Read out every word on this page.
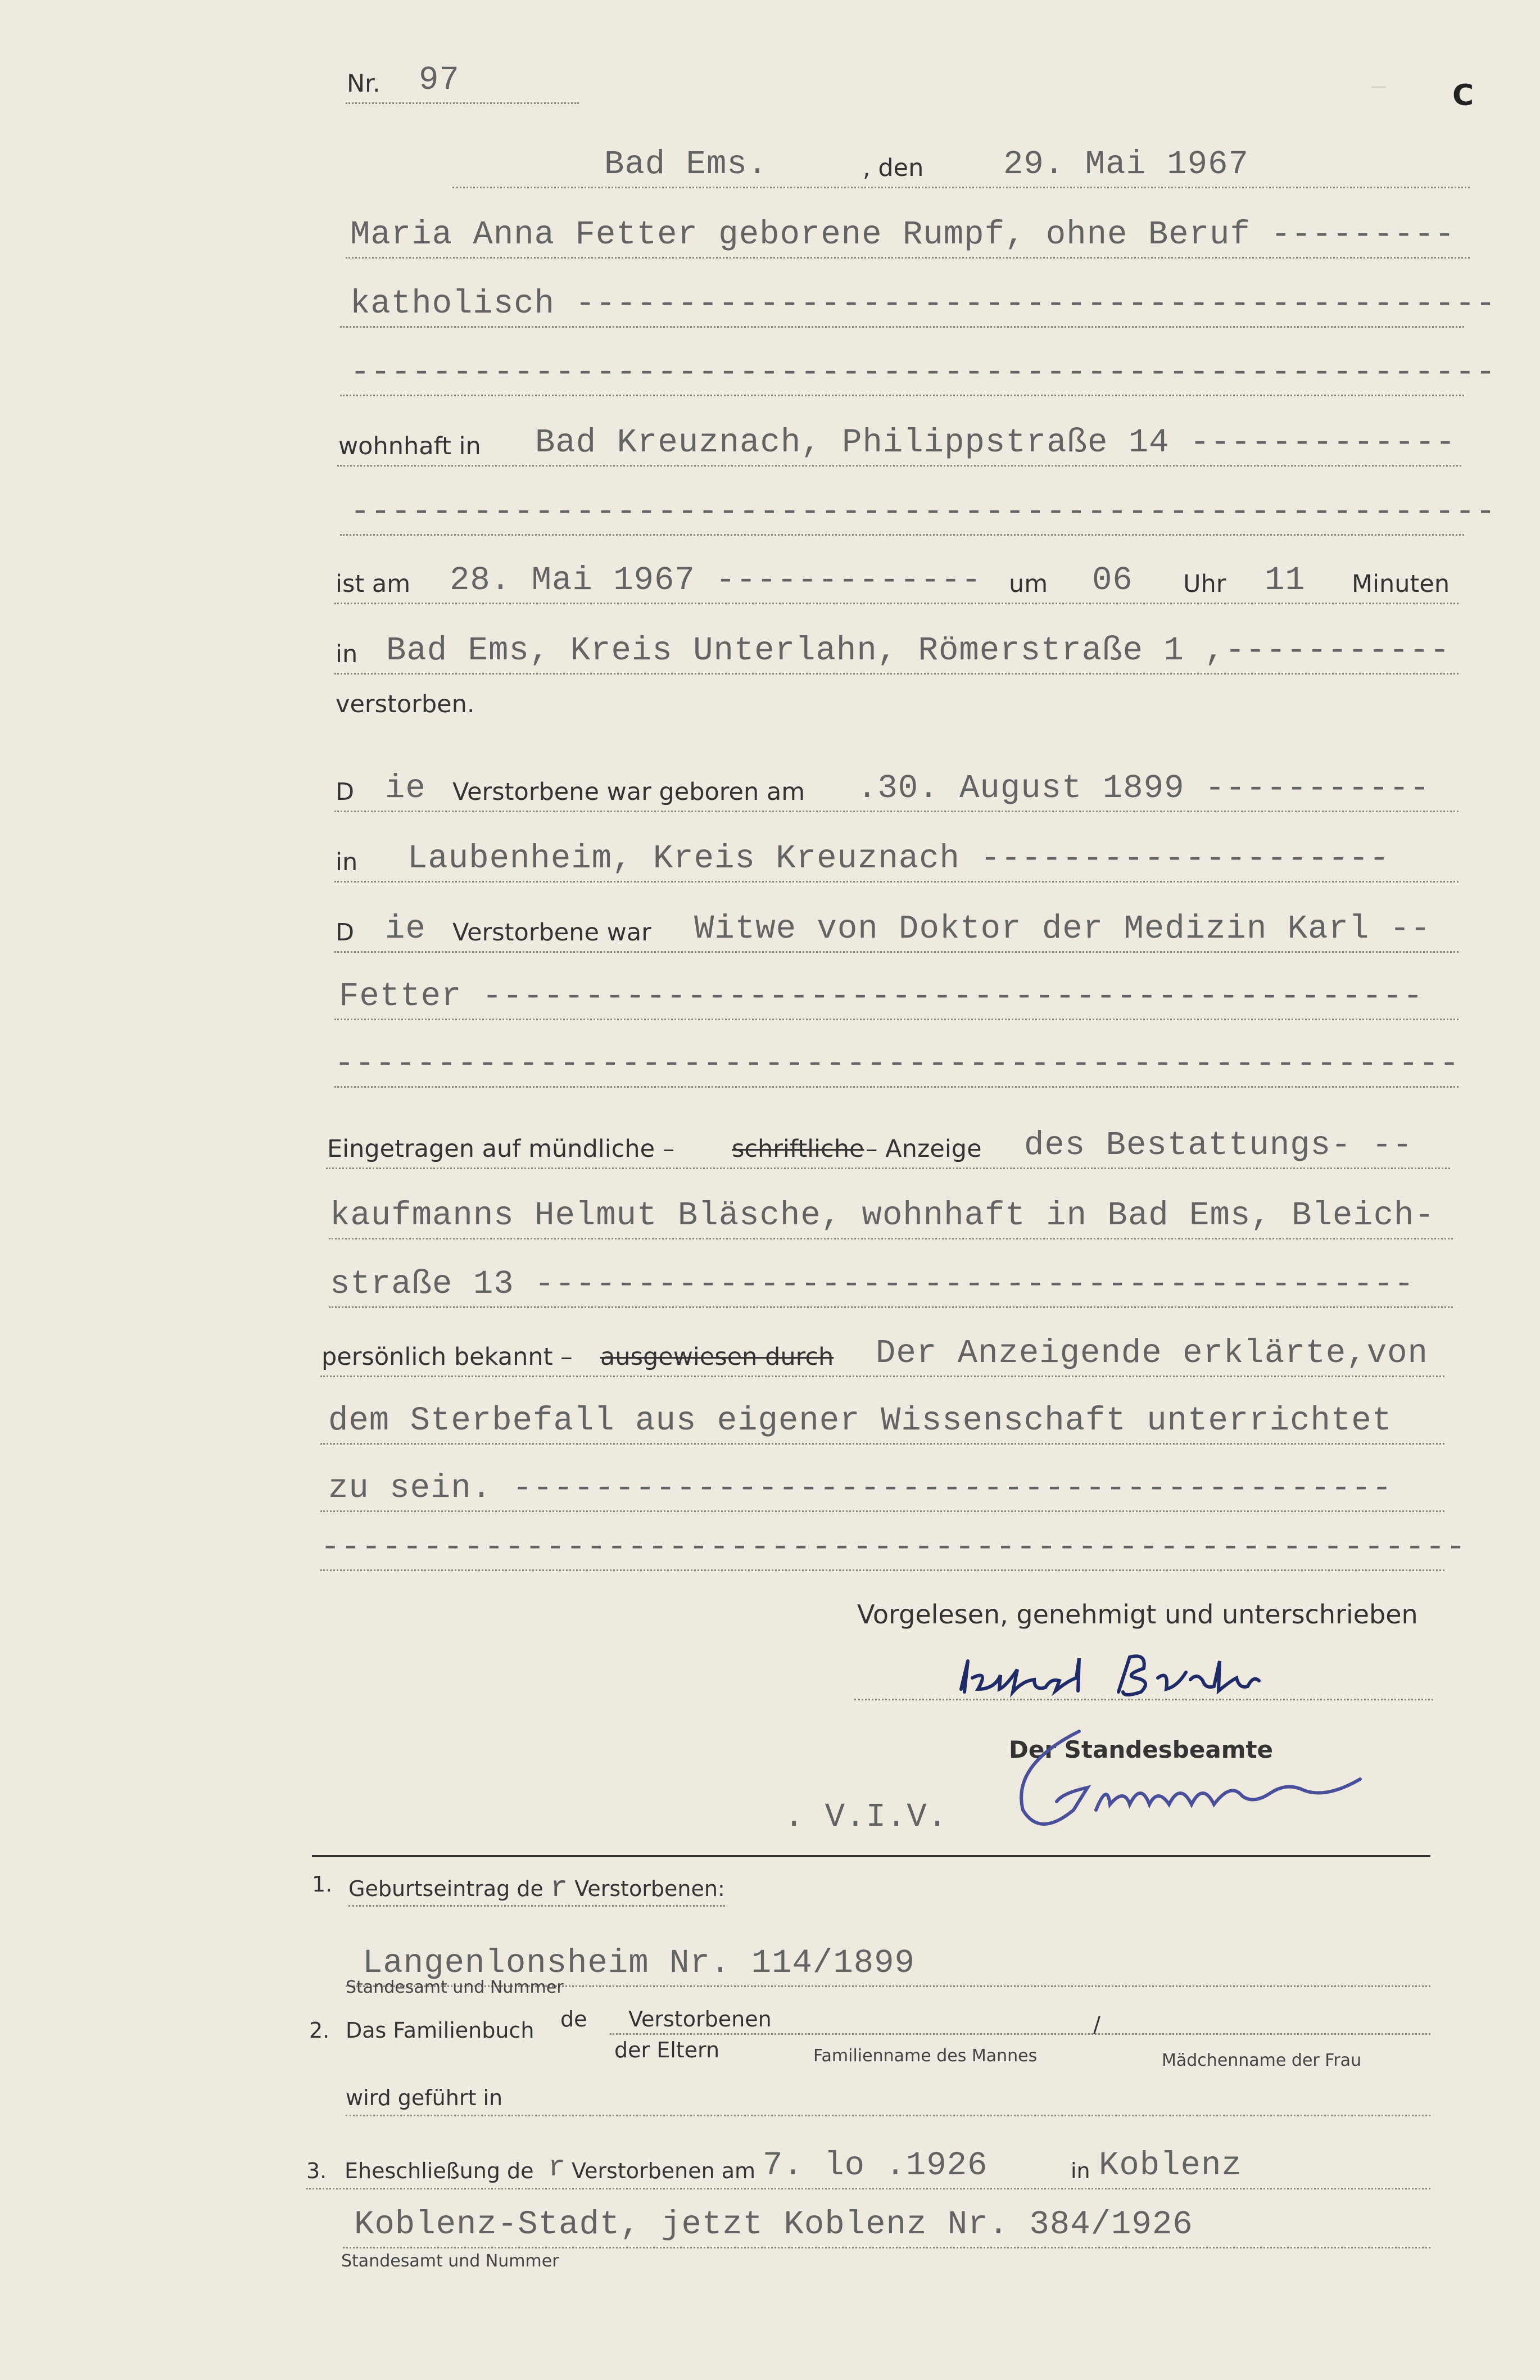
— C
Nr. 97
Bad Ems.	, den 29. Mai 1967
Maria Anna Fetter geborene Rumpf, ohne Beruf ---------
katholisch ---------------------------------------------
--------------------------------------------------------
wohnhaft in Bad Kreuznach, Philippstraße 14 -------------
--------------------------------------------------------
ist am 28. Mai 1967 ------------- um 06 Uhr 11 Minuten
in Bad Ems, Kreis Unterlahn, Römerstraße 1 ,-----------
verstorben.
D ie Verstorbene war geboren am .30. August 1899 -----------
in Laubenheim, Kreis Kreuznach --------------------
D ie Verstorbene war Witwe von Doktor der Medizin Karl --
Fetter ----------------------------------------------
-------------------------------------------------------
Eingetragen auf mündliche – schriftliche – Anzeige des Bestattungs- --
kaufmanns Helmut Bläsche, wohnhaft in Bad Ems, Bleich-
straße 13 -------------------------------------------
persönlich bekannt – ausgewiesen durch Der Anzeigende erklärte,von
dem Sterbefall aus eigener Wissenschaft unterrichtet
zu sein. -------------------------------------------
--------------------------------------------------------
Vorgelesen, genehmigt und unterschrieben
Der Standesbeamte
. V.I.V.
1. Geburtseintrag de r Verstorbenen:
Langenlonsheim Nr. 114/1899
Standesamt und Nummer
2. Das Familienbuch de Verstorbenen
der Eltern
/
Familienname des Mannes	Mädchenname der Frau
wird geführt in
3. Eheschließung de r Verstorbenen am 7. lo .1926	in Koblenz
Koblenz-Stadt, jetzt Koblenz Nr. 384/1926
Standesamt und Nummer
